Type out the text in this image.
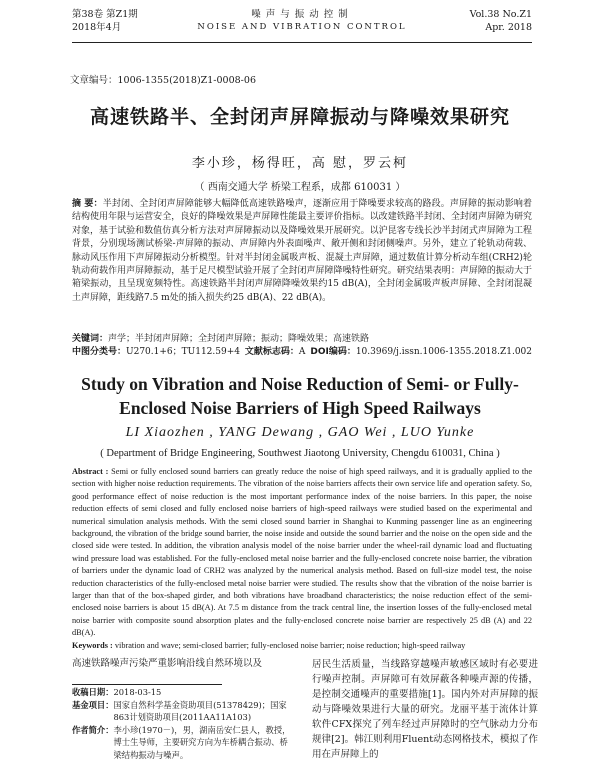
第38卷 第Z1期
2018年4月
噪声与振动控制
NOISE AND VIBRATION CONTROL
Vol.38 No.Z1
Apr. 2018
文章编号：1006-1355(2018)Z1-0008-06
高速铁路半、全封闭声屏障振动与降噪效果研究
李小珍，杨得旺，高 慰，罗云柯
（ 西南交通大学 桥梁工程系，成都 610031 ）
摘 要：半封闭、全封闭声屏障能够大幅降低高速铁路噪声，逐渐应用于降噪要求较高的路段。声屏障的振动影响着结构使用年限与运营安全，良好的降噪效果是声屏障性能最主要评价指标。以改建铁路半封闭、全封闭声屏障为研究对象，基于试验和数值仿真分析方法对声屏障振动以及降噪效果开展研究。以沪昆客专线长沙半封闭式声屏障为工程背景，分别现场测试桥梁-声屏障的振动、声屏障内外表面噪声、敞开侧和封闭侧噪声。另外，建立了轮轨动荷载、脉动风压作用下声屏障振动分析模型。针对半封闭金属吸声板、混凝土声屏障，通过数值计算分析动车组(CRH2)轮轨动荷载作用声屏障振动，基于足尺模型试验开展了全封闭声屏障降噪特性研究。研究结果表明：声屏障的振动大于箱梁振动，且呈现宽频特性。高速铁路半封闭声屏障降噪效果约15 dB(A)，全封闭金属吸声板声屏障、全封闭混凝土声屏障，距线路7.5 m处的插入损失约25 dB(A)、22 dB(A)。
关键词：声学；半封闭声屏障；全封闭声屏障；振动；降噪效果；高速铁路
中图分类号：U270.1+6；TU112.59+4 文献标志码：A DOI编码：10.3969/j.issn.1006-1355.2018.Z1.002
Study on Vibration and Noise Reduction of Semi- or Fully-
Enclosed Noise Barriers of High Speed Railways
LI Xiaozhen , YANG Dewang , GAO Wei , LUO Yunke
( Department of Bridge Engineering, Southwest Jiaotong University, Chengdu 610031, China )
Abstract : Semi or fully enclosed sound barriers can greatly reduce the noise of high speed railways, and it is gradually applied to the section with higher noise reduction requirements. The vibration of the noise barriers affects their own service life and operation safety. So, good performance effect of noise reduction is the most important performance index of the noise barriers. In this paper, the noise reduction effects of semi closed and fully enclosed noise barriers of high-speed railways were studied based on the experimental and numerical simulation analysis methods. With the semi closed sound barrier in Shanghai to Kunming passenger line as an engineering background, the vibration of the bridge sound barrier, the noise inside and outside the sound barrier and the noise on the open side and the closed side were tested. In addition, the vibration analysis model of the noise barrier under the wheel-rail dynamic load and fluctuating wind pressure load was established. For the fully-enclosed metal noise barrier and the fully-enclosed concrete noise barrier, the vibration of barriers under the dynamic load of CRH2 was analyzed by the numerical analysis method. Based on full-size model test, the noise reduction characteristics of the fully-enclosed metal noise barrier were studied. The results show that the vibration of the noise barrier is larger than that of the box-shaped girder, and both vibrations have broadband characteristics; the noise reduction effect of the semi-enclosed noise barriers is about 15 dB(A). At 7.5 m distance from the track central line, the insertion losses of the fully-enclosed metal noise barrier with composite sound absorption plates and the fully-enclosed concrete noise barrier are respectively 25 dB (A) and 22 dB(A).
Keywords : vibration and wave; semi-closed barrier; fully-enclosed noise barrier; noise reduction; high-speed railway
高速铁路噪声污染严重影响沿线自然环境以及
收稿日期： 2018-03-15
基金项目： 国家自然科学基金资助项目(51378429)；国家863计划资助项目(2011AA11A103)
作者简介： 李小珍(1970－)，男，湖南岳安仁县人，教授，博士生导师，主要研究方向为车桥耦合振动、桥梁结构振动与噪声。
居民生活质量，当线路穿越噪声敏感区域时有必要进行噪声控制。声屏障可有效屏蔽各种噪声源的传播，是控制交通噪声的重要措施[1]。国内外对声屏障的振动与降噪效果进行大量的研究。龙丽平基于流体计算软件CFX探究了列车经过声屏障时的空气脉动力分布规律[2]。韩江则利用Fluent动态网格技术，模拟了作用在声屏障上的
